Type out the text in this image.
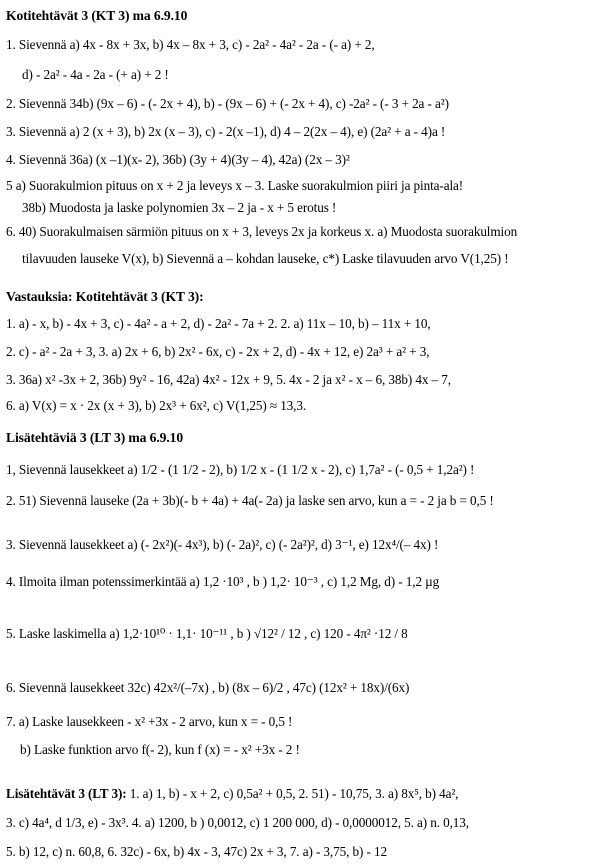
Kotitehtävät 3 (KT 3) ma 6.9.10
1. Sievennä a) 4x - 8x + 3x, b) 4x – 8x + 3, c) - 2a² - 4a² - 2a - (- a) + 2,
d) - 2a² - 4a - 2a - (+ a) + 2 !
2. Sievennä 34b) (9x – 6) - (- 2x + 4), b) - (9x – 6) + (- 2x + 4), c) -2a² - (- 3 + 2a - a²)
3. Sievennä a) 2 (x + 3), b) 2x (x – 3), c) - 2(x –1), d) 4 – 2(2x – 4), e) (2a² + a - 4)a !
4. Sievennä 36a) (x –1)(x- 2), 36b) (3y + 4)(3y – 4), 42a) (2x – 3)²
5 a) Suorakulmion pituus on x + 2 ja leveys x – 3. Laske suorakulmion piiri ja pinta-ala!
38b) Muodosta ja laske polynomien 3x – 2 ja - x + 5 erotus !
6. 40) Suorakulmaisen särmiön pituus on x + 3, leveys 2x ja korkeus x. a) Muodosta suorakulmion
tilavuuden lauseke V(x), b) Sievennä a – kohdan lauseke, c*) Laske tilavuuden arvo V(1,25) !
Vastauksia: Kotitehtävät 3 (KT 3):
1. a) - x, b) - 4x + 3, c) - 4a² - a + 2, d) - 2a² - 7a + 2. 2. a) 11x – 10, b) – 11x + 10,
2. c) - a² - 2a + 3, 3. a) 2x + 6, b) 2x² - 6x, c) - 2x + 2, d) - 4x + 12, e) 2a³ + a² + 3,
3. 36a) x² -3x + 2, 36b) 9y² - 16, 42a) 4x² - 12x + 9, 5. 4x - 2 ja x² - x – 6, 38b) 4x – 7,
6. a) V(x) = x · 2x (x + 3), b) 2x³ + 6x², c) V(1,25) ≈ 13,3.
Lisätehtäviä 3 (LT 3) ma 6.9.10
1, Sievennä lausekkeet a) 1/2 - (1 1/2 - 2), b) 1/2 x - (1 1/2 x - 2), c) 1,7a² - (- 0,5 + 1,2a²) !
2. 51) Sievennä lauseke (2a + 3b)(- b + 4a) + 4a(- 2a) ja laske sen arvo, kun a = - 2 ja b = 0,5 !
3. Sievennä lausekkeet a) (- 2x²)(- 4x³), b) (- 2a)², c) (- 2a²)², d) 3⁻¹, e) 12x⁴/(– 4x) !
4. Ilmoita ilman potenssimerkintää a) 1,2 ·10³ , b ) 1,2· 10⁻³ , c) 1,2 Mg, d) - 1,2 µg
5. Laske laskimella a) 1,2·10¹⁰ · 1,1· 10⁻¹¹ , b ) √12² / 12 , c) 120 - 4π² ·12 / 8
6. Sievennä lausekkeet 32c) 42x²/(–7x) , b) (8x – 6)/2 , 47c) (12x² + 18x)/(6x)
7. a) Laske lausekkeen - x² +3x - 2 arvo, kun x = - 0,5 !
b) Laske funktion arvo f(- 2), kun f (x) = - x² +3x - 2 !
Lisätehtävät 3 (LT 3): 1. a) 1, b) - x + 2, c) 0,5a² + 0,5, 2. 51) - 10,75, 3. a) 8x⁵, b) 4a²,
3. c) 4a⁴, d 1/3, e) - 3x³. 4. a) 1200, b ) 0,0012, c) 1 200 000, d) - 0,0000012, 5. a) n. 0,13,
5. b) 12, c) n. 60,8, 6. 32c) - 6x, b) 4x - 3, 47c) 2x + 3, 7. a) - 3,75, b) - 12
